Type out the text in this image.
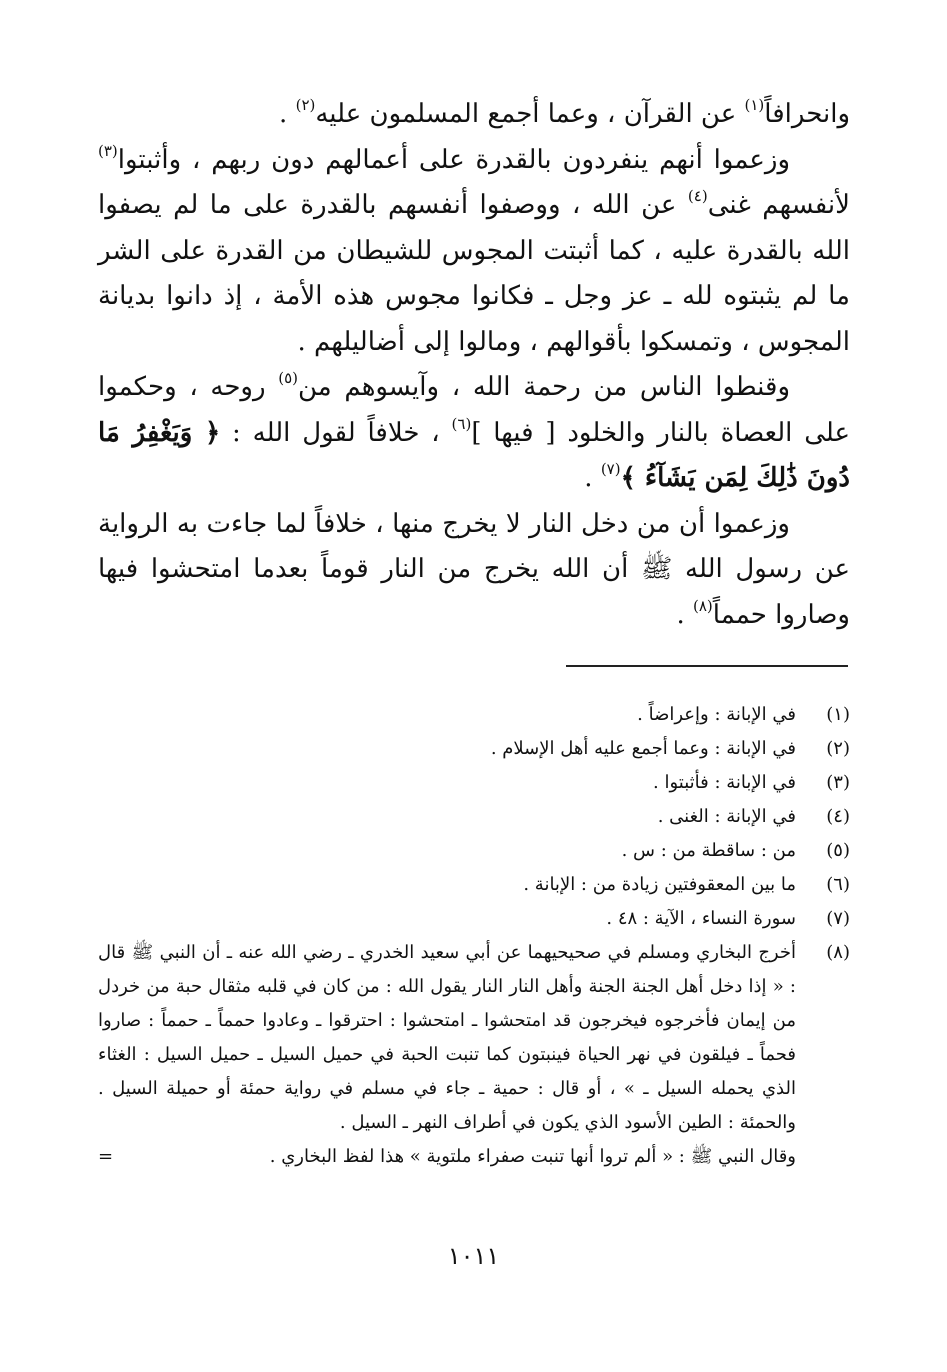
وانحرافاً$^{(١)}$ عن القرآن ، وعما أجمع المسلمون عليه$^{(٢)}$ .

وزعموا أنهم ينفردون بالقدرة على أعمالهم دون ربهم ، وأثبتوا$^{(٣)}$ لأنفسهم غنى$^{(٤)}$ عن الله ، ووصفوا أنفسهم بالقدرة على ما لم يصفوا الله بالقدرة عليه ، كما أثبتت المجوس للشيطان من القدرة على الشر ما لم يثبتوه لله ـ عز وجل ـ فكانوا مجوس هذه الأمة ، إذ دانوا بديانة المجوس ، وتمسكوا بأقوالهم ، ومالوا إلى أضاليلهم .

وقنطوا الناس من رحمة الله ، وآيسوهم من$^{(٥)}$ روحه ، وحكموا على العصاة بالنار والخلود [ فيها ]$^{(٦)}$ ، خلافاً لقول الله : ﴿ وَيَغْفِرُ مَا دُونَ ذَٰلِكَ لِمَن يَشَآءُ ﴾$^{(٧)}$ .

وزعموا أن من دخل النار لا يخرج منها ، خلافاً لما جاءت به الرواية عن رسول الله ﷺ أن الله يخرج من النار قوماً بعدما امتحشوا فيها وصاروا حمماً$^{(٨)}$ .

(١)
في الإبانة : وإعراضاً .
(٢)
في الإبانة : وعما أجمع عليه أهل الإسلام .
(٣)
في الإبانة : فأثبتوا .
(٤)
في الإبانة : الغنى .
(٥)
من : ساقطة من : س .
(٦)
ما بين المعقوفتين زيادة من : الإبانة .
(٧)
سورة النساء ، الآية : ٤٨ .
(٨)
أخرج البخاري ومسلم في صحيحيهما عن أبي سعيد الخدري ـ رضي الله عنه ـ أن النبي ﷺ قال : « إذا دخل أهل الجنة الجنة وأهل النار النار يقول الله : من كان في قلبه مثقال حبة من خردل من إيمان فأخرجوه فيخرجون قد امتحشوا ـ امتحشوا : احترقوا ـ وعادوا حمماً ـ حمماً : صاروا فحماً ـ فيلقون في نهر الحياة فينبتون كما تنبت الحبة في حميل السيل ـ حميل السيل : الغثاء الذي يحمله السيل ـ » ، أو قال : حمية ـ جاء في مسلم في رواية حمئة أو حميلة السيل . والحمئة : الطين الأسود الذي يكون في أطراف النهر ـ السيل .
وقال النبي ﷺ : « ألم تروا أنها تنبت صفراء ملتوية » هذا لفظ البخاري .
=
١٠١١
